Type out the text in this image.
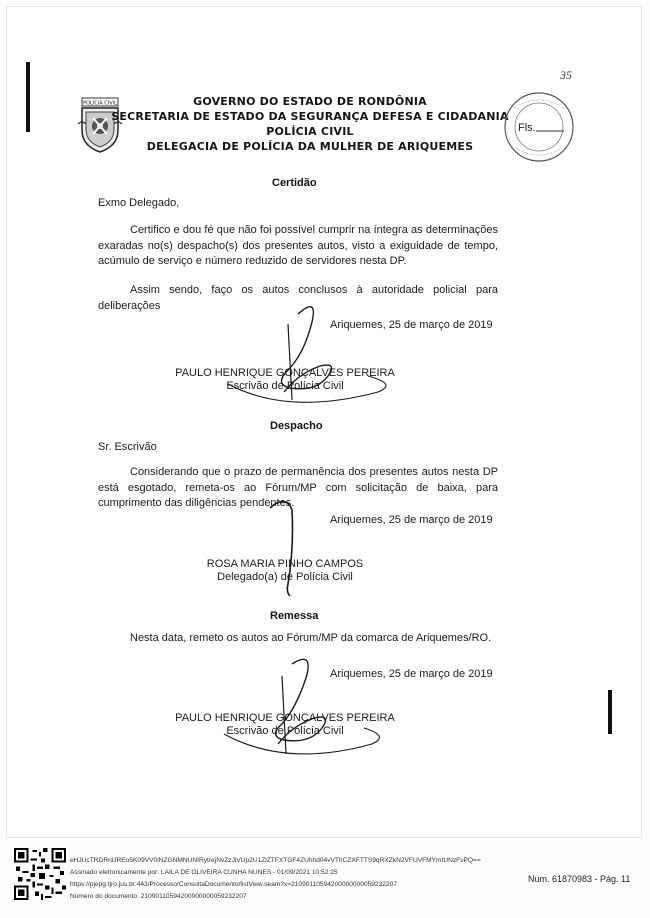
35
POLÍCIA CIVIL	GOVERNO DO ESTADO DE RONDÔNIA
SECRETARIA DE ESTADO DA SEGURANÇA DEFESA E CIDADANIA
POLÍCIA CIVIL
DELEGACIA DE POLÍCIA DA MULHER DE ARIQUEMES
Fls.
Certidão
Exmo Delegado,
Certifico e dou fé que não foi possível cumprir na íntegra as determinações exaradas no(s) despacho(s) dos presentes autos, visto a exiguidade de tempo, acúmulo de serviço e número reduzido de servidores nesta DP.
Assim sendo, faço os autos conclusos à autoridade policial para deliberações
Ariquemes, 25 de março de 2019
PAULO HENRIQUE GONÇALVES PEREIRA
Escrivão de Polícia Civil
Despacho
Sr. Escrivão
Considerando que o prazo de permanência dos presentes autos nesta DP está esgotado, remeta-os ao Fórum/MP com solicitação de baixa, para cumprimento das diligências pendentes.
Ariquemes, 25 de março de 2019
ROSA MARIA PINHO CAMPOS
Delegado(a) de Polícia Civil
Remessa
Nesta data, remeto os autos ao Fórum/MP da comarca de Ariquemes/RO.
Ariquemes, 25 de março de 2019
PAULO HENRIQUE GONÇALVES PEREIRA
Escrivão de Polícia Civil
eHJUcTRDRnlJREo5K09VV0lNZGNMNUNIRytrejNvZzJiVUp2U1ZlZTFXTGF4ZUhhd04vVThCZXFTTS9qRXZkN2VFUVFMYmtUNzFvPQ==
Assinado eletronicamente por: LAILA DE OLIVEIRA CUNHA NUNES - 01/09/2021 10:52:25
https://pjepg.tjro.jus.br:443/Processo/ConsultaDocumento/listView.seam?x=21090110594200000000059232207
Número do documento: 21090110594200000000059232207
Num. 61870983 - Pág. 11
